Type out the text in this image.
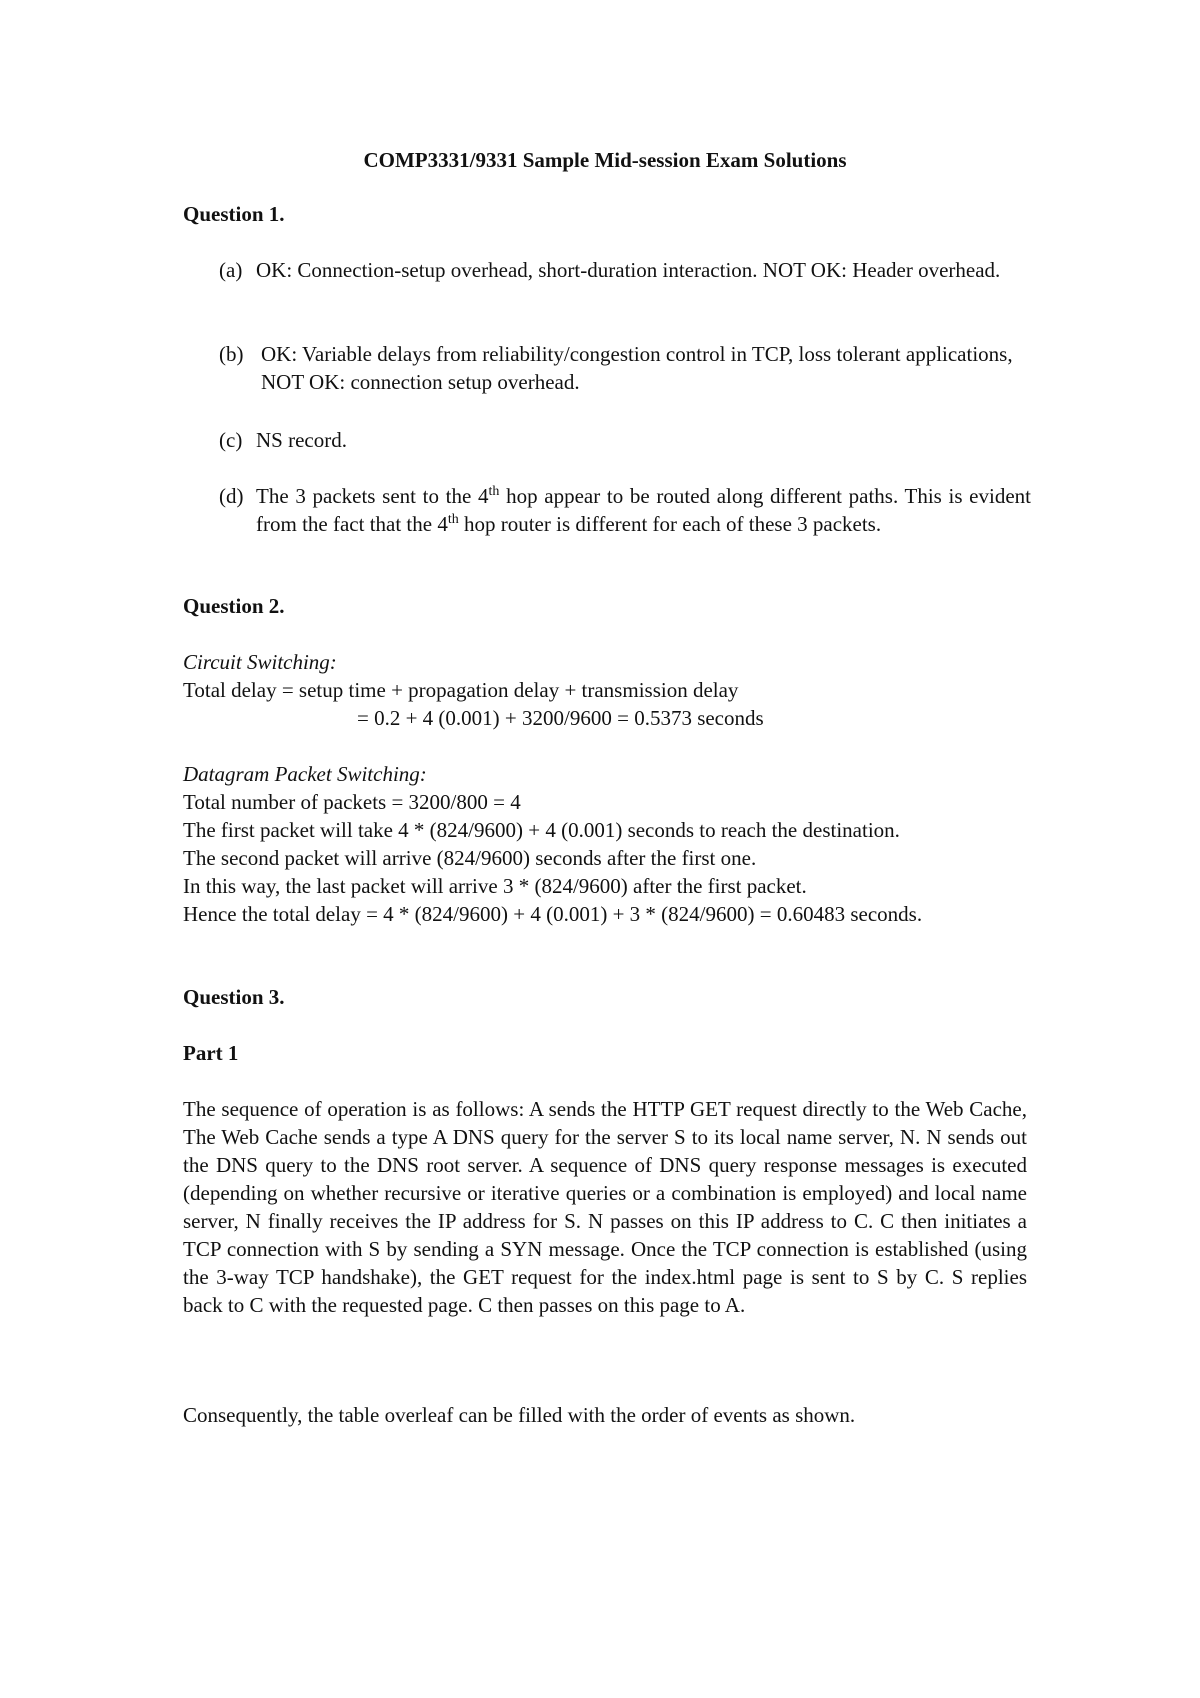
COMP3331/9331 Sample Mid-session Exam Solutions
Question 1.
(a) OK: Connection-setup overhead, short-duration interaction. NOT OK: Header overhead.
(b) OK: Variable delays from reliability/congestion control in TCP, loss tolerant applications, NOT OK: connection setup overhead.
(c) NS record.
(d) The 3 packets sent to the 4th hop appear to be routed along different paths. This is evident from the fact that the 4th hop router is different for each of these 3 packets.
Question 2.
Circuit Switching:
Total delay = setup time + propagation delay + transmission delay
= 0.2 + 4 (0.001) + 3200/9600 = 0.5373 seconds
Datagram Packet Switching:
Total number of packets = 3200/800 = 4
The first packet will take 4 * (824/9600) + 4 (0.001) seconds to reach the destination.
The second packet will arrive (824/9600) seconds after the first one.
In this way, the last packet will arrive 3 * (824/9600) after the first packet.
Hence the total delay = 4 * (824/9600) + 4 (0.001) + 3 * (824/9600) = 0.60483 seconds.
Question 3.
Part 1
The sequence of operation is as follows: A sends the HTTP GET request directly to the Web Cache, The Web Cache sends a type A DNS query for the server S to its local name server, N. N sends out the DNS query to the DNS root server. A sequence of DNS query response messages is executed (depending on whether recursive or iterative queries or a combination is employed) and local name server, N finally receives the IP address for S. N passes on this IP address to C. C then initiates a TCP connection with S by sending a SYN message. Once the TCP connection is established (using the 3-way TCP handshake), the GET request for the index.html page is sent to S by C. S replies back to C with the requested page. C then passes on this page to A.
Consequently, the table overleaf can be filled with the order of events as shown.
